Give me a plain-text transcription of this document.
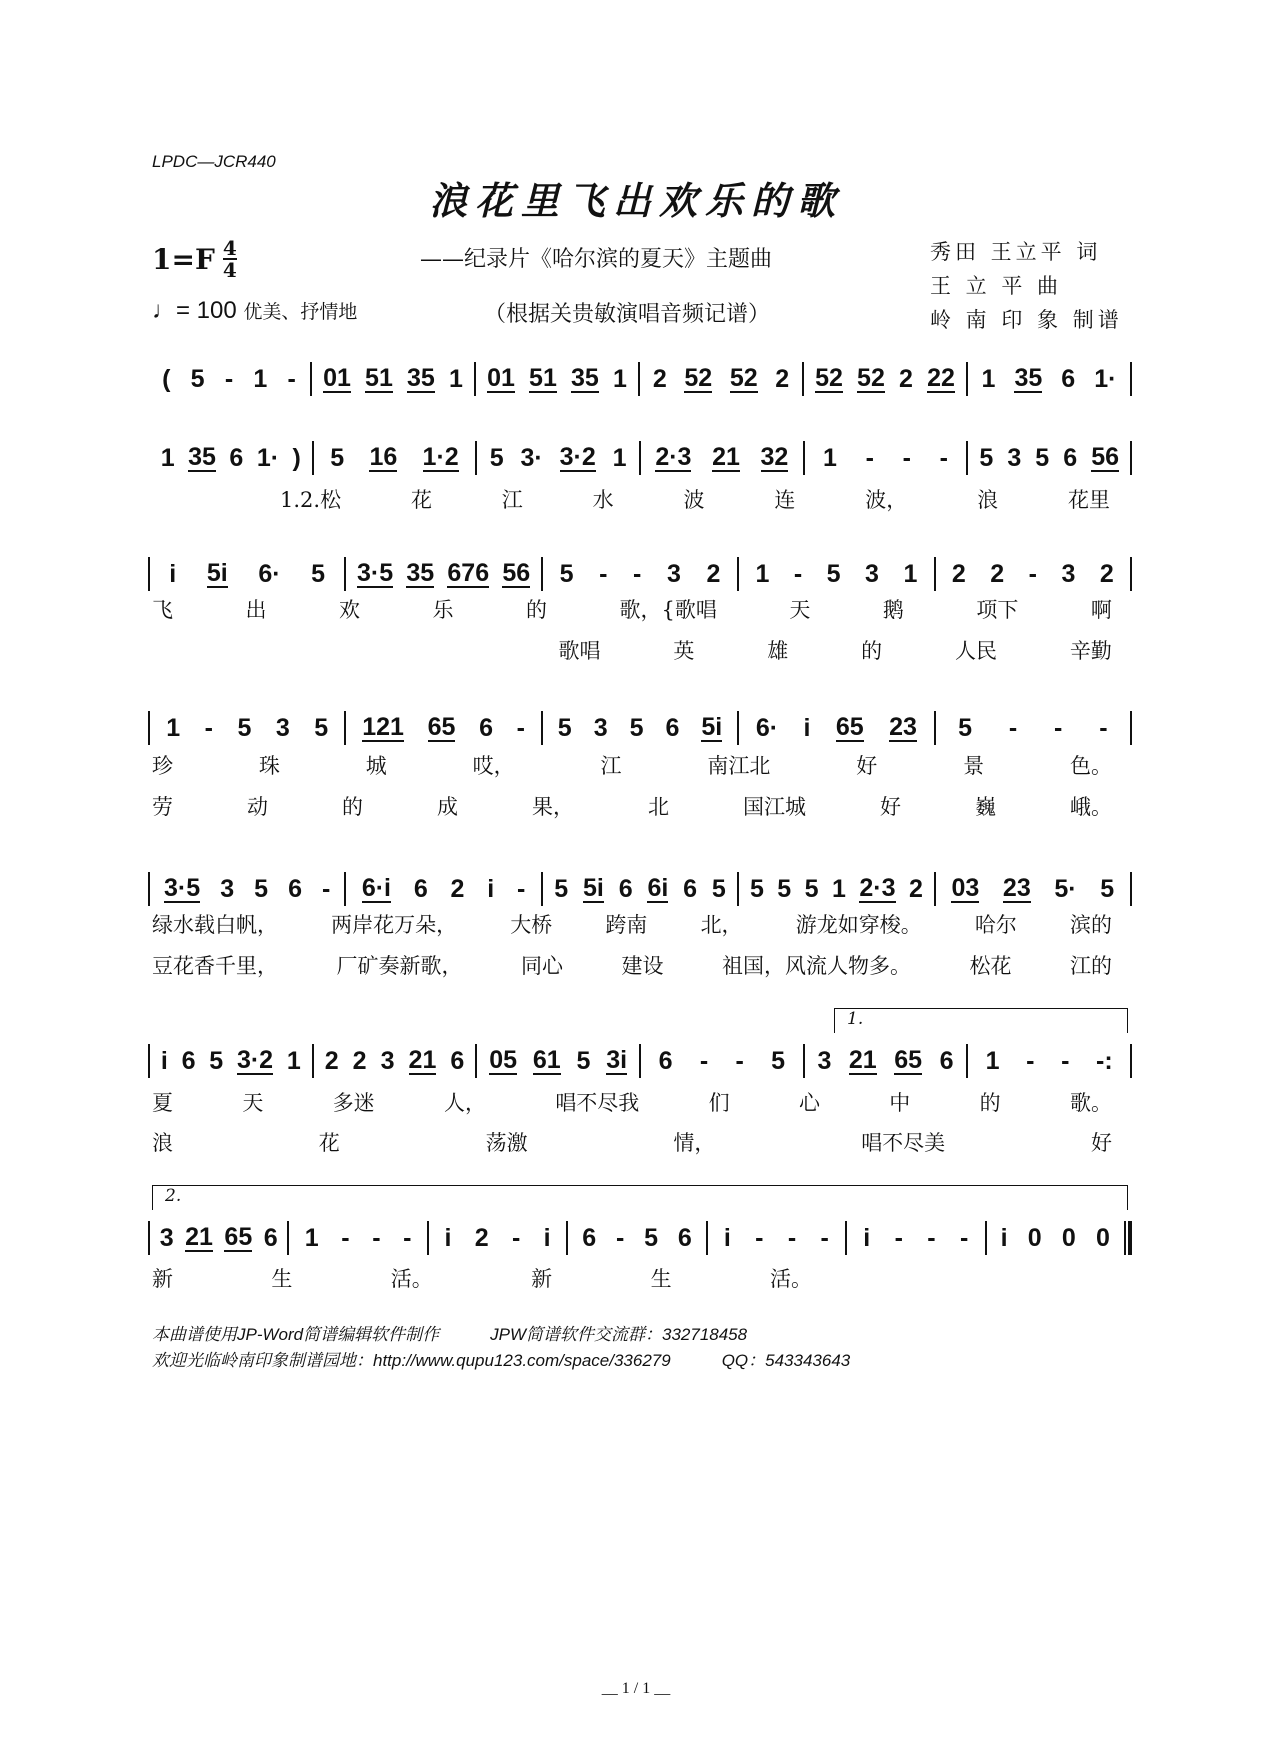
LPDC—JCR440
浪花里飞出欢乐的歌
$1=F \frac{4}{4}$	——纪录片《哈尔滨的夏天》主题曲
（根据关贵敏演唱音频记谱）
秀田 王立平 词
王 立 平 曲
岭 南 印 象 制谱
♩= 100 优美、抒情地
( 5 - 1 - 01 51 35 1 01 51 35 1 2 52 52 2 52 52 2 22 1 35 6 1·
1 35 6 1· ) 5 16 1·2 5 3· 3·2 1 2·3 21 32 1 - - - 5 3 5 6 56
1.2.松	花	江	水	波	连	波，	浪	花里
i 5i 6· 5 3·5 35 676 56 5 - - 3 2 1 - 5 3 1 2 2 - 3 2
飞	出	欢	乐	的	歌，{歌唱	天	鹅	项下	啊
　　歌唱	英	雄	的	人民	辛勤
1 - 5 3 5 121 65 6 - 5 3 5 6 5i 6· i 65 23 5 - - -
珍	珠	城	哎，	江	南江北	好	景	色。
劳	动	的	成	果，	北	国江城	好	巍	峨。
3·5 3 5 6 - 6·i 6 2 i - 5 5i 6 6i 6 5 5 5 5 1 2·3 2 03 23 5· 5
绿水载白帆，	两岸花万朵，	大桥	跨南	北，	游龙如穿梭。	哈尔	滨的
豆花香千里，	厂矿奏新歌，	同心	建设	祖国，风流人物多。	松花	江的
i 6 5 3·2 1 2 2 3 21 6 05 61 5 3i 6 - - 5 3 21 65 6 1 - - -:
夏	天	多迷	人，	唱不尽我	们	心	中	的	歌。
浪	花	荡激	情，	唱不尽美	好
1.
3 21 65 6 1 - - - i 2 - i 6 - 5 6 i - - - i - - - i 0 0 0
新	生	活。	新	生	活。
2.
本曲谱使用JP-Word简谱编辑软件制作　　　JPW简谱软件交流群：332718458
欢迎光临岭南印象制谱园地：http://www.qupu123.com/space/336279　　　QQ：543343643
__ 1 / 1 __
